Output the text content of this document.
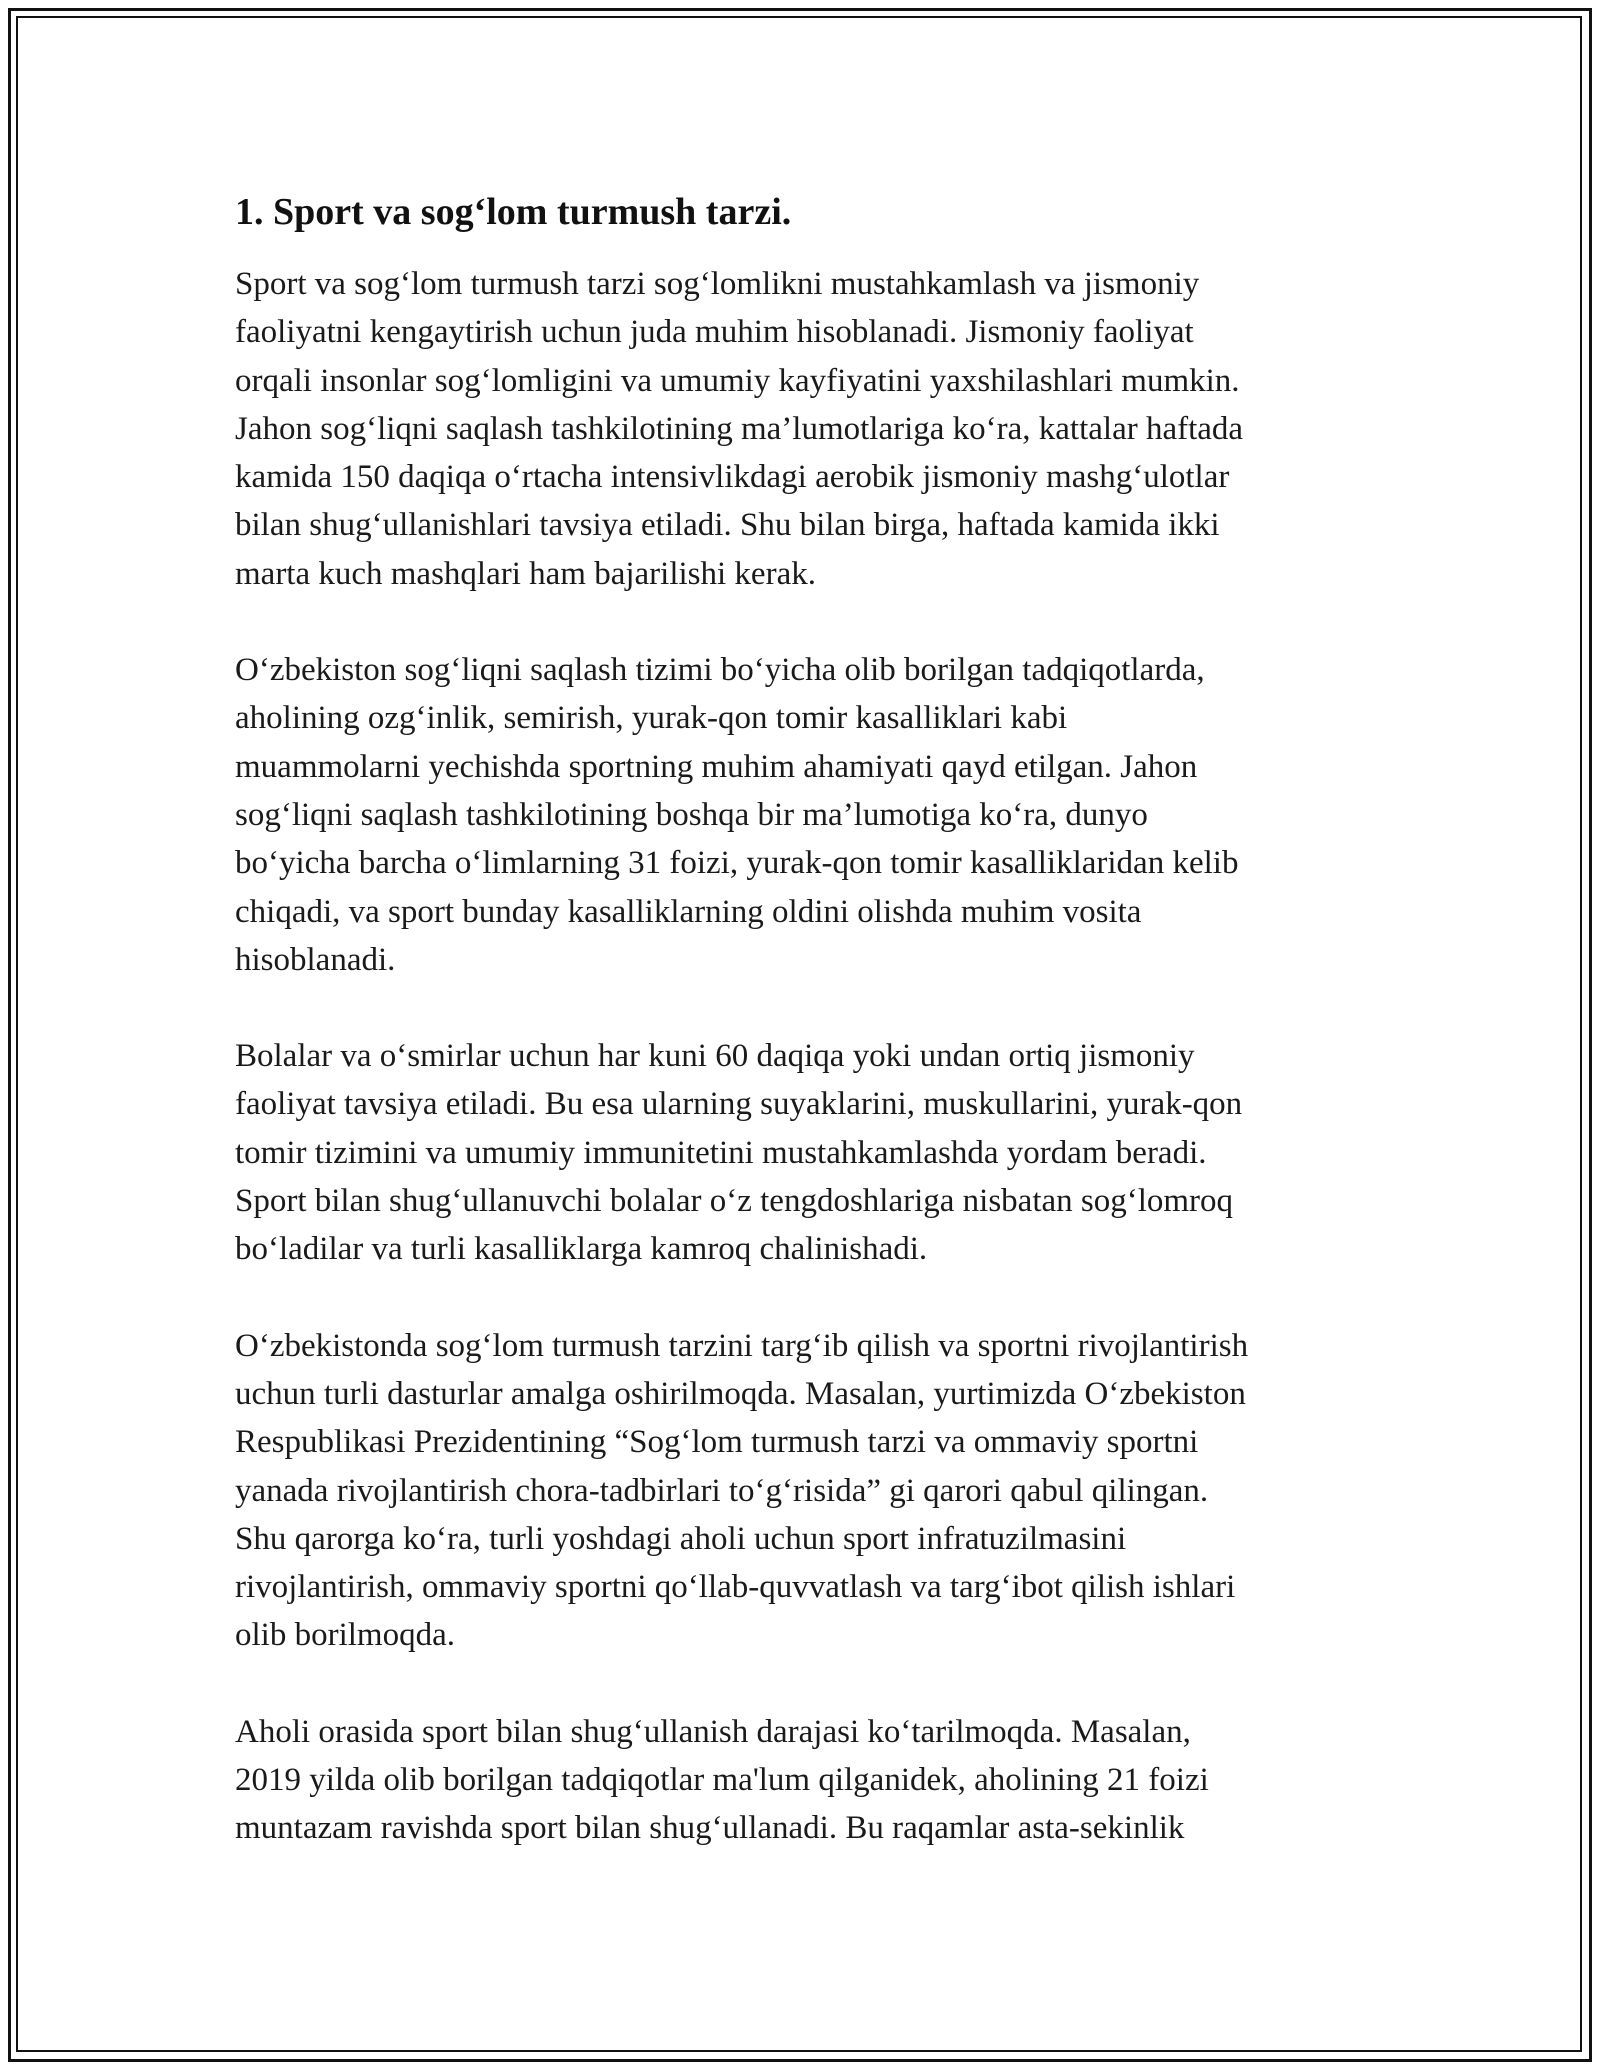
1. Sport va sog‘lom turmush tarzi.

Sport va sog‘lom turmush tarzi sog‘lomlikni mustahkamlash va jismoniy
faoliyatni kengaytirish uchun juda muhim hisoblanadi. Jismoniy faoliyat
orqali insonlar sog‘lomligini va umumiy kayfiyatini yaxshilashlari mumkin.
Jahon sog‘liqni saqlash tashkilotining ma’lumotlariga ko‘ra, kattalar haftada
kamida 150 daqiqa o‘rtacha intensivlikdagi aerobik jismoniy mashg‘ulotlar
bilan shug‘ullanishlari tavsiya etiladi. Shu bilan birga, haftada kamida ikki
marta kuch mashqlari ham bajarilishi kerak.

O‘zbekiston sog‘liqni saqlash tizimi bo‘yicha olib borilgan tadqiqotlarda,
aholining ozg‘inlik, semirish, yurak-qon tomir kasalliklari kabi
muammolarni yechishda sportning muhim ahamiyati qayd etilgan. Jahon
sog‘liqni saqlash tashkilotining boshqa bir ma’lumotiga ko‘ra, dunyo
bo‘yicha barcha o‘limlarning 31 foizi, yurak-qon tomir kasalliklaridan kelib
chiqadi, va sport bunday kasalliklarning oldini olishda muhim vosita
hisoblanadi.

Bolalar va o‘smirlar uchun har kuni 60 daqiqa yoki undan ortiq jismoniy
faoliyat tavsiya etiladi. Bu esa ularning suyaklarini, muskullarini, yurak-qon
tomir tizimini va umumiy immunitetini mustahkamlashda yordam beradi.
Sport bilan shug‘ullanuvchi bolalar o‘z tengdoshlariga nisbatan sog‘lomroq
bo‘ladilar va turli kasalliklarga kamroq chalinishadi.

O‘zbekistonda sog‘lom turmush tarzini targ‘ib qilish va sportni rivojlantirish
uchun turli dasturlar amalga oshirilmoqda. Masalan, yurtimizda O‘zbekiston
Respublikasi Prezidentining “Sog‘lom turmush tarzi va ommaviy sportni
yanada rivojlantirish chora-tadbirlari to‘g‘risida” gi qarori qabul qilingan.
Shu qarorga ko‘ra, turli yoshdagi aholi uchun sport infratuzilmasini
rivojlantirish, ommaviy sportni qo‘llab-quvvatlash va targ‘ibot qilish ishlari
olib borilmoqda.

Aholi orasida sport bilan shug‘ullanish darajasi ko‘tarilmoqda. Masalan,
2019 yilda olib borilgan tadqiqotlar ma'lum qilganidek, aholining 21 foizi
muntazam ravishda sport bilan shug‘ullanadi. Bu raqamlar asta-sekinlik
